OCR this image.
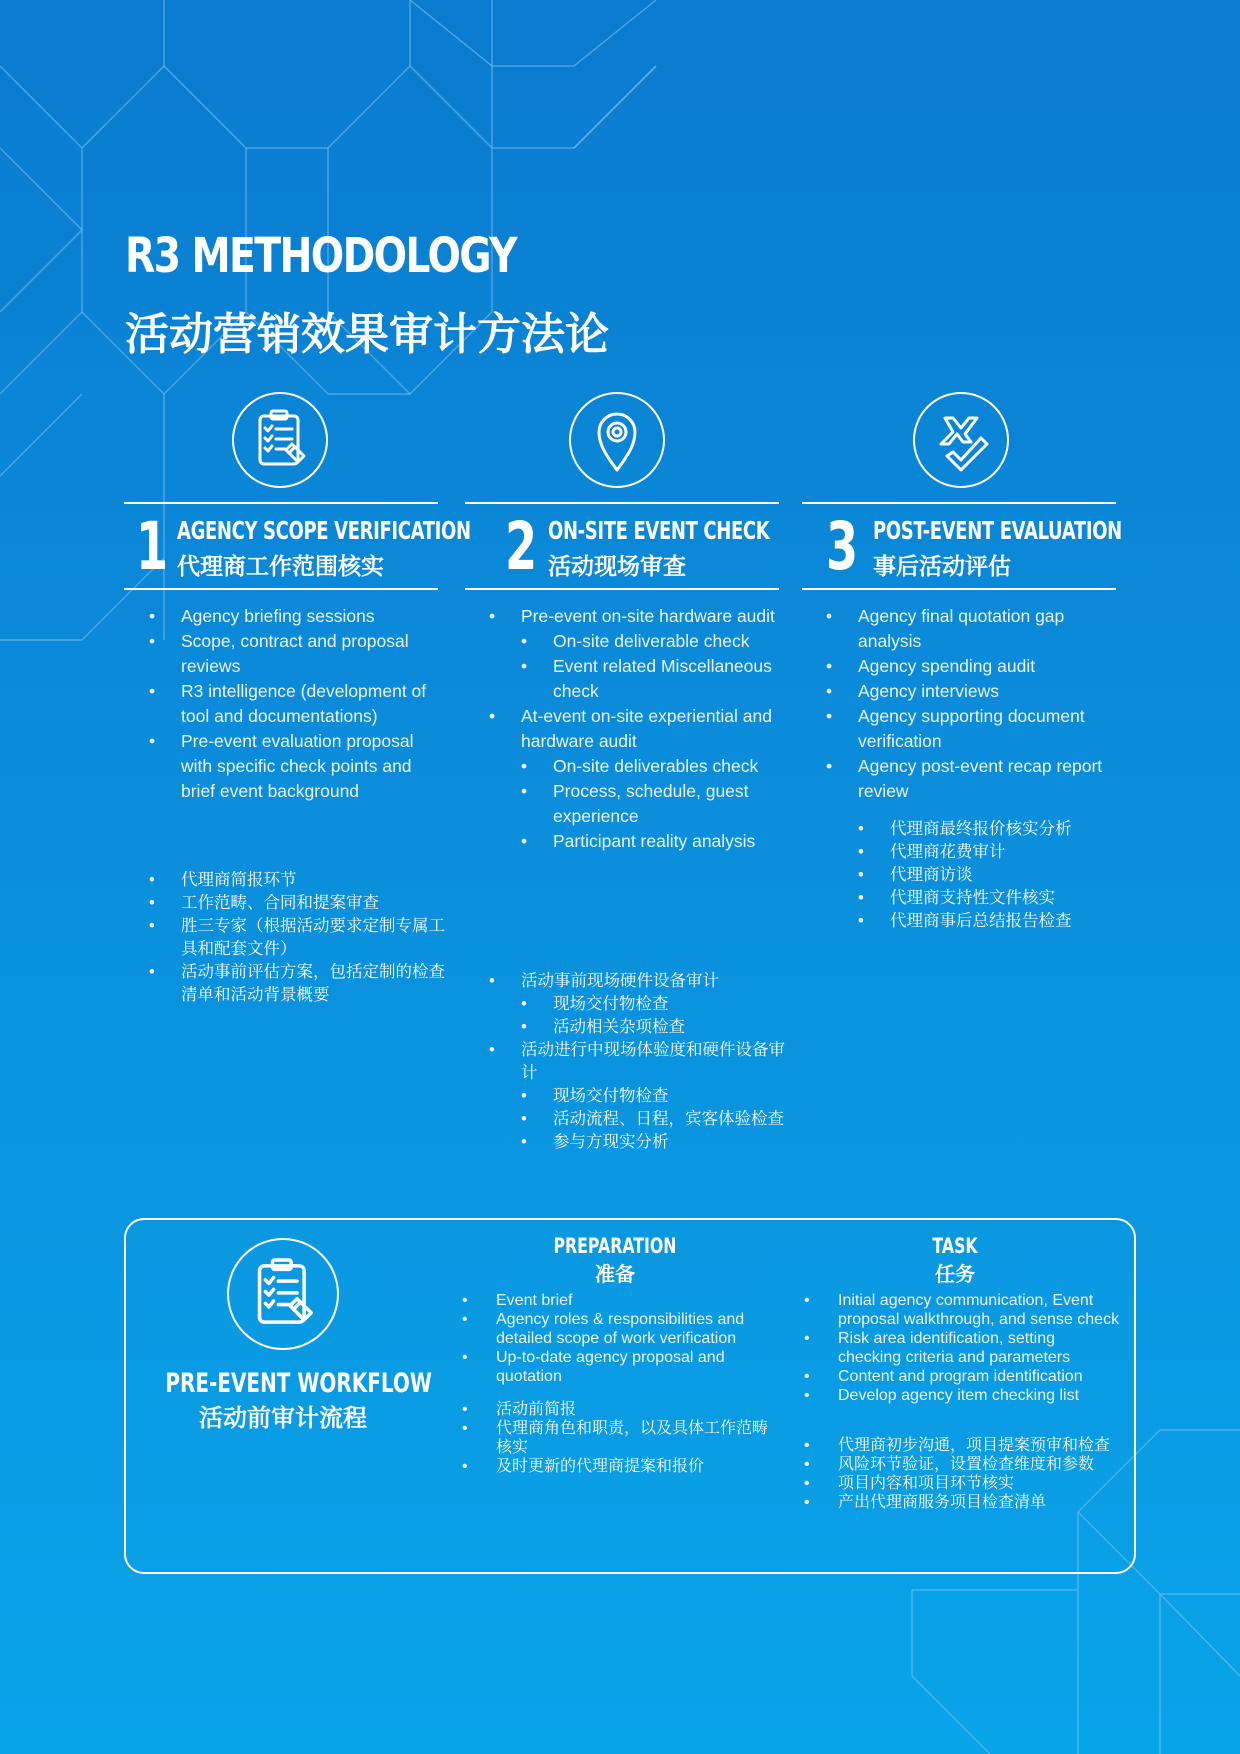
R3 METHODOLOGY
活动营销效果审计方法论
1 AGENCY SCOPE VERIFICATION
代理商工作范围核实
• Agency briefing sessions
• Scope, contract and proposal reviews
• R3 intelligence (development of tool and documentations)
• Pre-event evaluation proposal with specific check points and brief event background
• 代理商简报环节
• 工作范畴、合同和提案审查
• 胜三专家（根据活动要求定制专属工具和配套文件）
• 活动事前评估方案，包括定制的检查清单和活动背景概要
2 ON-SITE EVENT CHECK
活动现场审查
• Pre-event on-site hardware audit
• On-site deliverable check
• Event related Miscellaneous check
• At-event on-site experiential and hardware audit
• On-site deliverables check
• Process, schedule, guest experience
• Participant reality analysis
• 活动事前现场硬件设备审计
• 现场交付物检查
• 活动相关杂项检查
• 活动进行中现场体验度和硬件设备审计
• 现场交付物检查
• 活动流程、日程，宾客体验检查
• 参与方现实分析
3 POST-EVENT EVALUATION
事后活动评估
• Agency final quotation gap analysis
• Agency spending audit
• Agency interviews
• Agency supporting document verification
• Agency post-event recap report review
• 代理商最终报价核实分析
• 代理商花费审计
• 代理商访谈
• 代理商支持性文件核实
• 代理商事后总结报告检查
PRE-EVENT WORKFLOW
活动前审计流程
PREPARATION
准备
• Event brief
• Agency roles & responsibilities and detailed scope of work verification
• Up-to-date agency proposal and quotation
• 活动前简报
• 代理商角色和职责，以及具体工作范畴核实
• 及时更新的代理商提案和报价
TASK
任务
• Initial agency communication, Event proposal walkthrough, and sense check
• Risk area identification, setting checking criteria and parameters
• Content and program identification
• Develop agency item checking list
• 代理商初步沟通，项目提案预审和检查
• 风险环节验证，设置检查维度和参数
• 项目内容和项目环节核实
• 产出代理商服务项目检查清单
